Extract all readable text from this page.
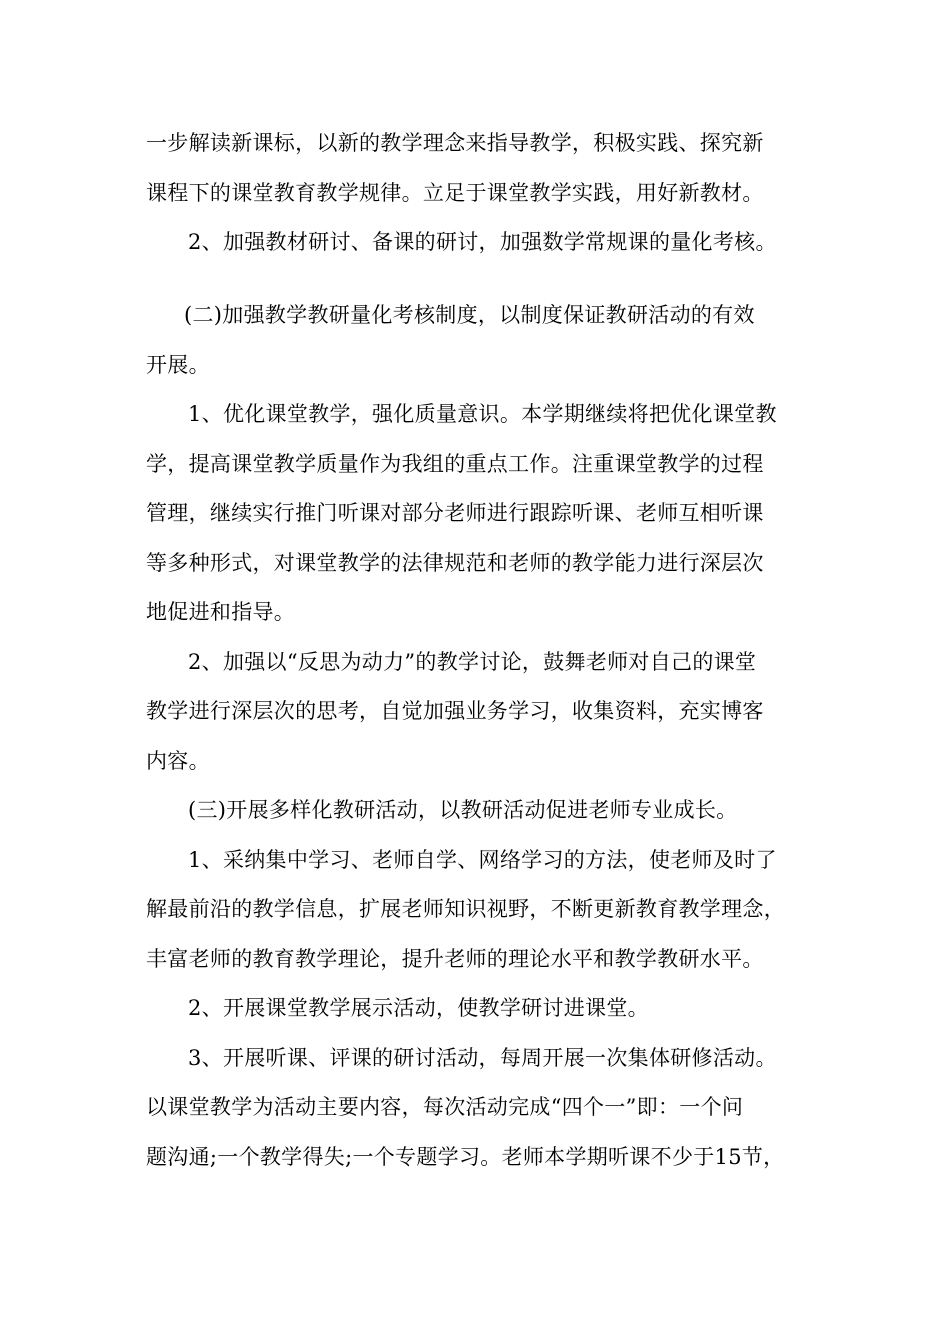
一步解读新课标，以新的教学理念来指导教学，积极实践、探究新
课程下的课堂教育教学规律。立足于课堂教学实践，用好新教材。
2、加强教材研讨、备课的研讨，加强数学常规课的量化考核。
(二)加强教学教研量化考核制度，以制度保证教研活动的有效
开展。
1、优化课堂教学，强化质量意识。本学期继续将把优化课堂教
学，提高课堂教学质量作为我组的重点工作。注重课堂教学的过程
管理，继续实行推门听课对部分老师进行跟踪听课、老师互相听课
等多种形式，对课堂教学的法律规范和老师的教学能力进行深层次
地促进和指导。
2、加强以“反思为动力”的教学讨论，鼓舞老师对自己的课堂
教学进行深层次的思考，自觉加强业务学习，收集资料，充实博客
内容。
(三)开展多样化教研活动，以教研活动促进老师专业成长。
1、采纳集中学习、老师自学、网络学习的方法，使老师及时了
解最前沿的教学信息，扩展老师知识视野，不断更新教育教学理念，
丰富老师的教育教学理论，提升老师的理论水平和教学教研水平。
2、开展课堂教学展示活动，使教学研讨进课堂。
3、开展听课、评课的研讨活动，每周开展一次集体研修活动。
以课堂教学为活动主要内容，每次活动完成“四个一”即：一个问
题沟通;一个教学得失;一个专题学习。老师本学期听课不少于15节，
